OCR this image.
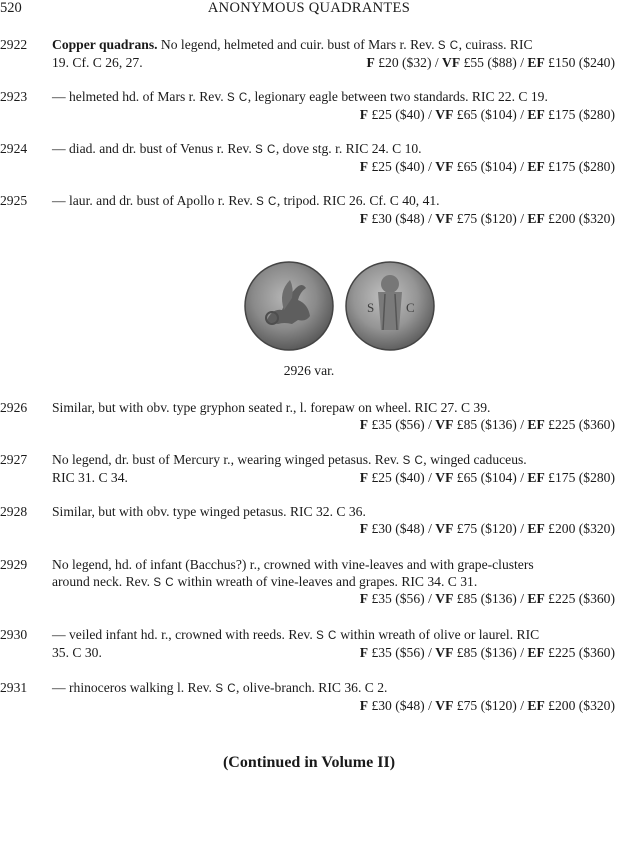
520	ANONYMOUS QUADRANTES
2922 Copper quadrans. No legend, helmeted and cuir. bust of Mars r. Rev. S C, cuirass. RIC
19. Cf. C 26, 27.	F £20 ($32) / VF £55 ($88) / EF £150 ($240)
2923 — helmeted hd. of Mars r. Rev. S C, legionary eagle between two standards. RIC 22. C 19.
F £25 ($40) / VF £65 ($104) / EF £175 ($280)
2924 — diad. and dr. bust of Venus r. Rev. S C, dove stg. r. RIC 24. C 10.
F £25 ($40) / VF £65 ($104) / EF £175 ($280)
2925 — laur. and dr. bust of Apollo r. Rev. S C, tripod. RIC 26. Cf. C 40, 41.
F £30 ($48) / VF £75 ($120) / EF £200 ($320)
S C
2926 var.
2926 Similar, but with obv. type gryphon seated r., l. forepaw on wheel. RIC 27. C 39.
F £35 ($56) / VF £85 ($136) / EF £225 ($360)
2927 No legend, dr. bust of Mercury r., wearing winged petasus. Rev. S C, winged caduceus.
RIC 31. C 34.	F £25 ($40) / VF £65 ($104) / EF £175 ($280)
2928 Similar, but with obv. type winged petasus. RIC 32. C 36.
F £30 ($48) / VF £75 ($120) / EF £200 ($320)
2929 No legend, hd. of infant (Bacchus?) r., crowned with vine-leaves and with grape-clusters
around neck. Rev. S C within wreath of vine-leaves and grapes. RIC 34. C 31.
F £35 ($56) / VF £85 ($136) / EF £225 ($360)
2930 — veiled infant hd. r., crowned with reeds. Rev. S C within wreath of olive or laurel. RIC
35. C 30.	F £35 ($56) / VF £85 ($136) / EF £225 ($360)
2931 — rhinoceros walking l. Rev. S C, olive-branch. RIC 36. C 2.
F £30 ($48) / VF £75 ($120) / EF £200 ($320)
(Continued in Volume II)
